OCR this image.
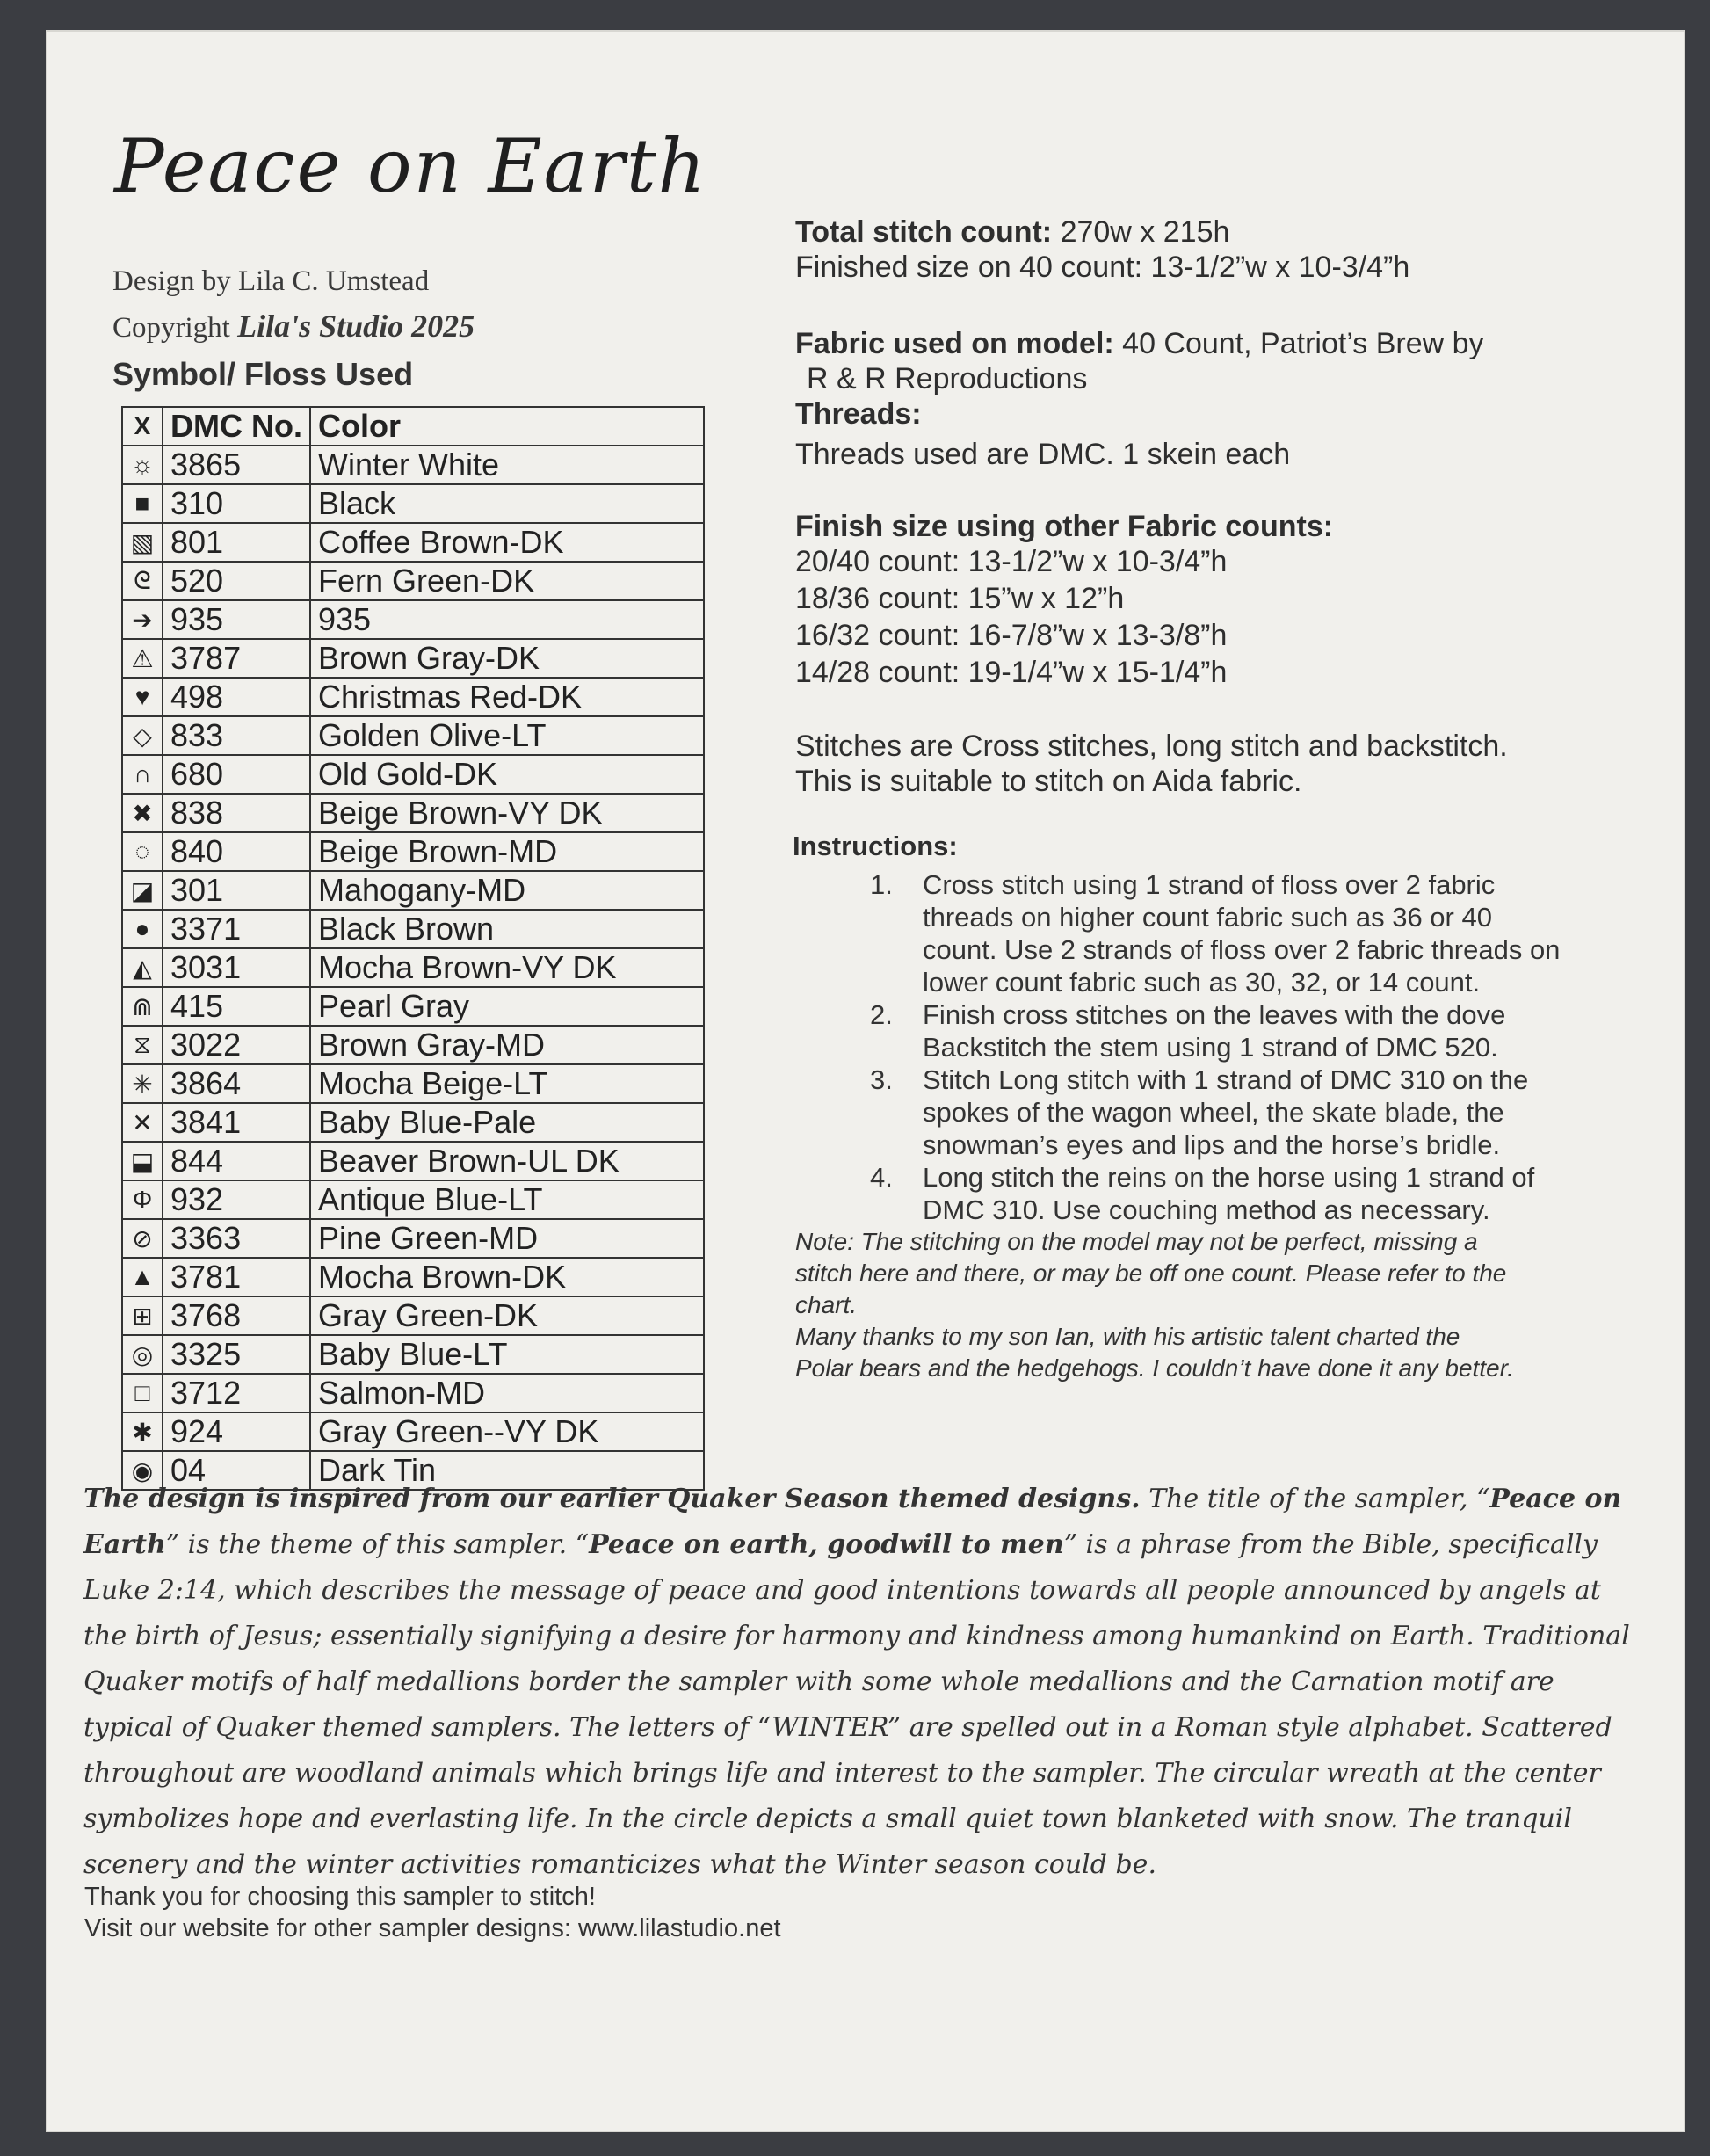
Peace on Earth
Design by Lila C. Umstead
Copyright Lila's Studio 2025
Symbol/ Floss Used
X	DMC No.	Color
☼	3865	Winter White
■	310	Black
▧	801	Coffee Brown-DK
ᘓ	520	Fern Green-DK
➔	935	935
⚠	3787	Brown Gray-DK
♥	498	Christmas Red-DK
◇	833	Golden Olive-LT
∩	680	Old Gold-DK
✖	838	Beige Brown-VY DK
◌	840	Beige Brown-MD
◪	301	Mahogany-MD
●	3371	Black Brown
◭	3031	Mocha Brown-VY DK
⋒	415	Pearl Gray
⧖	3022	Brown Gray-MD
✳	3864	Mocha Beige-LT
✕	3841	Baby Blue-Pale
⬓	844	Beaver Brown-UL DK
Φ	932	Antique Blue-LT
⊘	3363	Pine Green-MD
▲	3781	Mocha Brown-DK
⊞	3768	Gray Green-DK
◎	3325	Baby Blue-LT
□	3712	Salmon-MD
✱	924	Gray Green--VY DK
◉	04	Dark Tin
Total stitch count: 270w x 215h
Finished size on 40 count: 13-1/2”w x 10-3/4”h
Fabric used on model: 40 Count, Patriot’s Brew by
R & R Reproductions
Threads:
Threads used are DMC. 1 skein each
Finish size using other Fabric counts:
20/40 count: 13-1/2”w x 10-3/4”h
18/36 count: 15”w x 12”h
16/32 count: 16-7/8”w x 13-3/8”h
14/28 count: 19-1/4”w x 15-1/4”h
Stitches are Cross stitches, long stitch and backstitch.
This is suitable to stitch on Aida fabric.
Instructions:
1.	Cross stitch using 1 strand of floss over 2 fabric
threads on higher count fabric such as 36 or 40
count. Use 2 strands of floss over 2 fabric threads on
lower count fabric such as 30, 32, or 14 count.
2.	Finish cross stitches on the leaves with the dove
Backstitch the stem using 1 strand of DMC 520.
3.	Stitch Long stitch with 1 strand of DMC 310 on the
spokes of the wagon wheel, the skate blade, the
snowman’s eyes and lips and the horse’s bridle.
4.	Long stitch the reins on the horse using 1 strand of
DMC 310. Use couching method as necessary.
Note: The stitching on the model may not be perfect, missing a
stitch here and there, or may be off one count. Please refer to the
chart.
Many thanks to my son Ian, with his artistic talent charted the
Polar bears and the hedgehogs. I couldn’t have done it any better.
The design is inspired from our earlier Quaker Season themed designs. The title of the sampler, “Peace on Earth” is the theme of this sampler. “Peace on earth, goodwill to men” is a phrase from the Bible, specifically Luke 2:14, which describes the message of peace and good intentions towards all people announced by angels at the birth of Jesus; essentially signifying a desire for harmony and kindness among humankind on Earth. Traditional Quaker motifs of half medallions border the sampler with some whole medallions and the Carnation motif are typical of Quaker themed samplers. The letters of “WINTER” are spelled out in a Roman style alphabet. Scattered throughout are woodland animals which brings life and interest to the sampler. The circular wreath at the center symbolizes hope and everlasting life. In the circle depicts a small quiet town blanketed with snow. The tranquil scenery and the winter activities romanticizes what the Winter season could be.
Thank you for choosing this sampler to stitch!
Visit our website for other sampler designs: www.lilastudio.net
